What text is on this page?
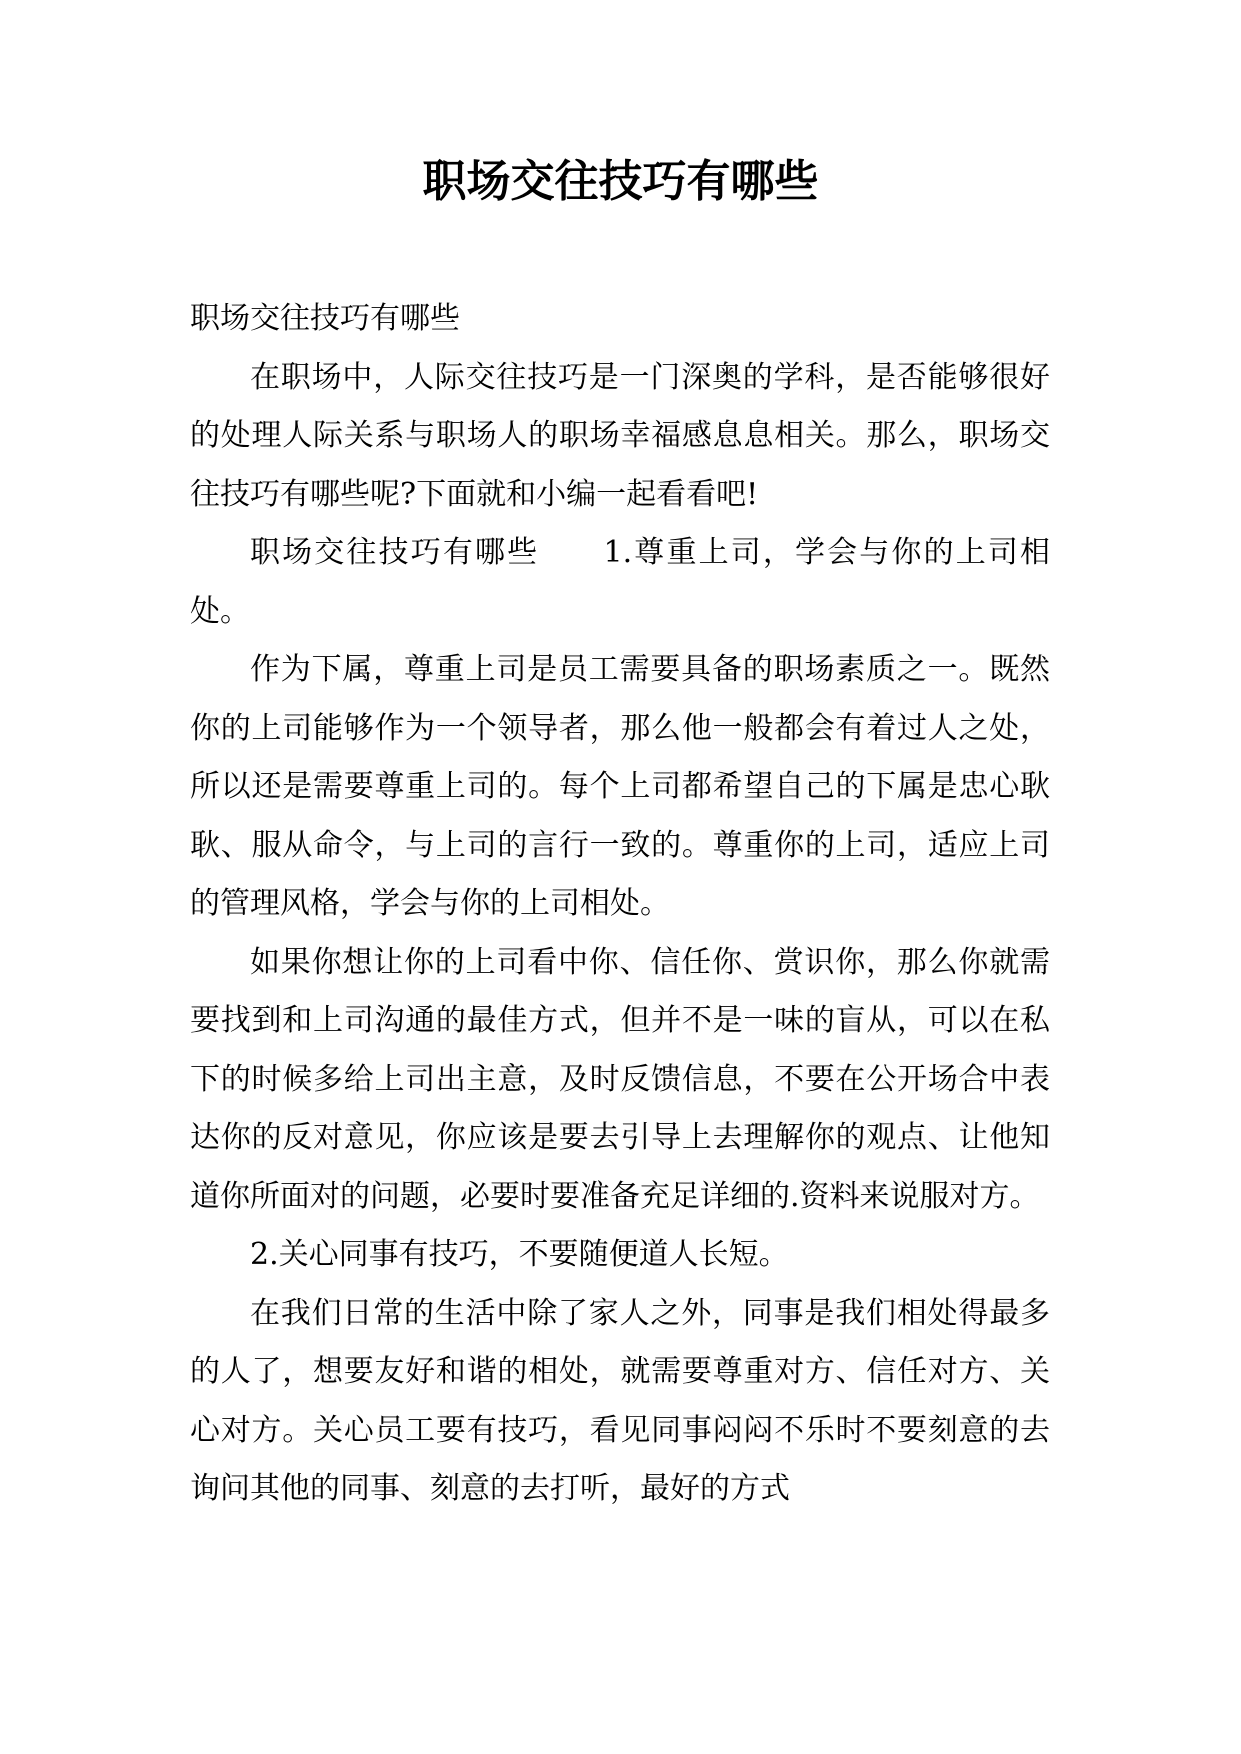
职场交往技巧有哪些

职场交往技巧有哪些

在职场中，人际交往技巧是一门深奥的学科，是否能够很好的处理人际关系与职场人的职场幸福感息息相关。那么，职场交往技巧有哪些呢?下面就和小编一起看看吧!

职场交往技巧有哪些　　1.尊重上司，学会与你的上司相处。

作为下属，尊重上司是员工需要具备的职场素质之一。既然你的上司能够作为一个领导者，那么他一般都会有着过人之处，所以还是需要尊重上司的。每个上司都希望自己的下属是忠心耿耿、服从命令，与上司的言行一致的。尊重你的上司，适应上司的管理风格，学会与你的上司相处。

如果你想让你的上司看中你、信任你、赏识你，那么你就需要找到和上司沟通的最佳方式，但并不是一味的盲从，可以在私下的时候多给上司出主意，及时反馈信息，不要在公开场合中表达你的反对意见，你应该是要去引导上去理解你的观点、让他知道你所面对的问题，必要时要准备充足详细的.资料来说服对方。

2.关心同事有技巧，不要随便道人长短。

在我们日常的生活中除了家人之外，同事是我们相处得最多的人了，想要友好和谐的相处，就需要尊重对方、信任对方、关心对方。关心员工要有技巧，看见同事闷闷不乐时不要刻意的去询问其他的同事、刻意的去打听，最好的方式
